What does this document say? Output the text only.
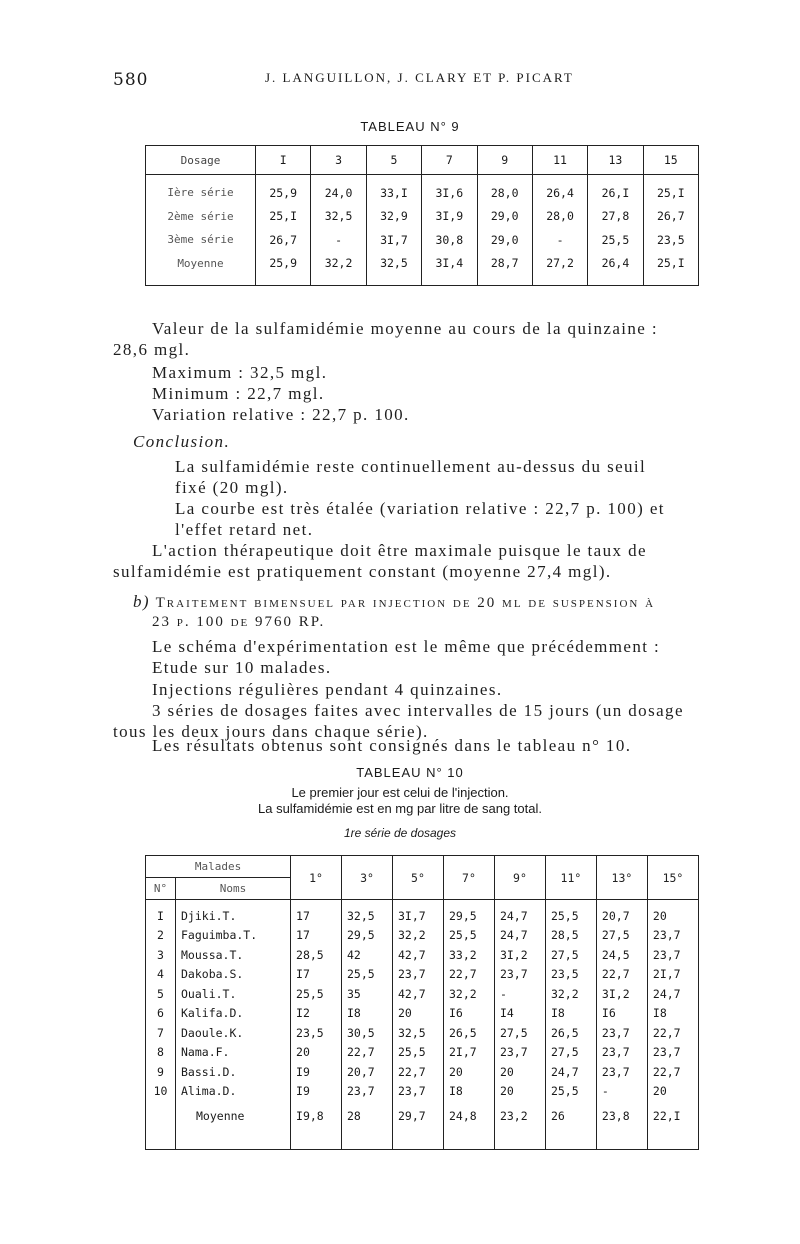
580	J. LANGUILLON, J. CLARY ET P. PICART
TABLEAU N° 9
Dosage	I	3	5	7	9	11	13	15
Ière série	25,9	24,0	33,I	3I,6	28,0	26,4	26,I	25,I
2ème série	25,I	32,5	32,9	3I,9	29,0	28,0	27,8	26,7
3ème série	26,7	-	3I,7	30,8	29,0	-	25,5	23,5
Moyenne	25,9	32,2	32,5	3I,4	28,7	27,2	26,4	25,I
Valeur de la sulfamidémie moyenne au cours de la quinzaine :
28,6 mgl.
Maximum : 32,5 mgl.
Minimum : 22,7 mgl.
Variation relative : 22,7 p. 100.
Conclusion.
La sulfamidémie reste continuellement au-dessus du seuil
fixé (20 mgl).
La courbe est très étalée (variation relative : 22,7 p. 100) et
l'effet retard net.
L'action thérapeutique doit être maximale puisque le taux de
sulfamidémie est pratiquement constant (moyenne 27,4 mgl).
b) Traitement bimensuel par injection de 20 ml de suspension à
23 p. 100 de 9760 RP.
Le schéma d'expérimentation est le même que précédemment :
Etude sur 10 malades.
Injections régulières pendant 4 quinzaines.
3 séries de dosages faites avec intervalles de 15 jours (un dosage
tous les deux jours dans chaque série).
Les résultats obtenus sont consignés dans le tableau n° 10.
TABLEAU N° 10
Le premier jour est celui de l'injection.
La sulfamidémie est en mg par litre de sang total.
1re série de dosages
Malades		1°	3°	5°	7°	9°	11°	13°	15°
N°	Noms								
I	Djiki.T.	17	32,5	3I,7	29,5	24,7	25,5	20,7	20
2	Faguimba.T.	17	29,5	32,2	25,5	24,7	28,5	27,5	23,7
3	Moussa.T.	28,5	42	42,7	33,2	3I,2	27,5	24,5	23,7
4	Dakoba.S.	I7	25,5	23,7	22,7	23,7	23,5	22,7	2I,7
5	Ouali.T.	25,5	35	42,7	32,2	-	32,2	3I,2	24,7
6	Kalifa.D.	I2	I8	20	I6	I4	I8	I6	I8
7	Daoule.K.	23,5	30,5	32,5	26,5	27,5	26,5	23,7	22,7
8	Nama.F.	20	22,7	25,5	2I,7	23,7	27,5	23,7	23,7
9	Bassi.D.	I9	20,7	22,7	20	20	24,7	23,7	22,7
10	Alima.D.	I9	23,7	23,7	I8	20	25,5	-	20
	Moyenne	I9,8	28	29,7	24,8	23,2	26	23,8	22,I
